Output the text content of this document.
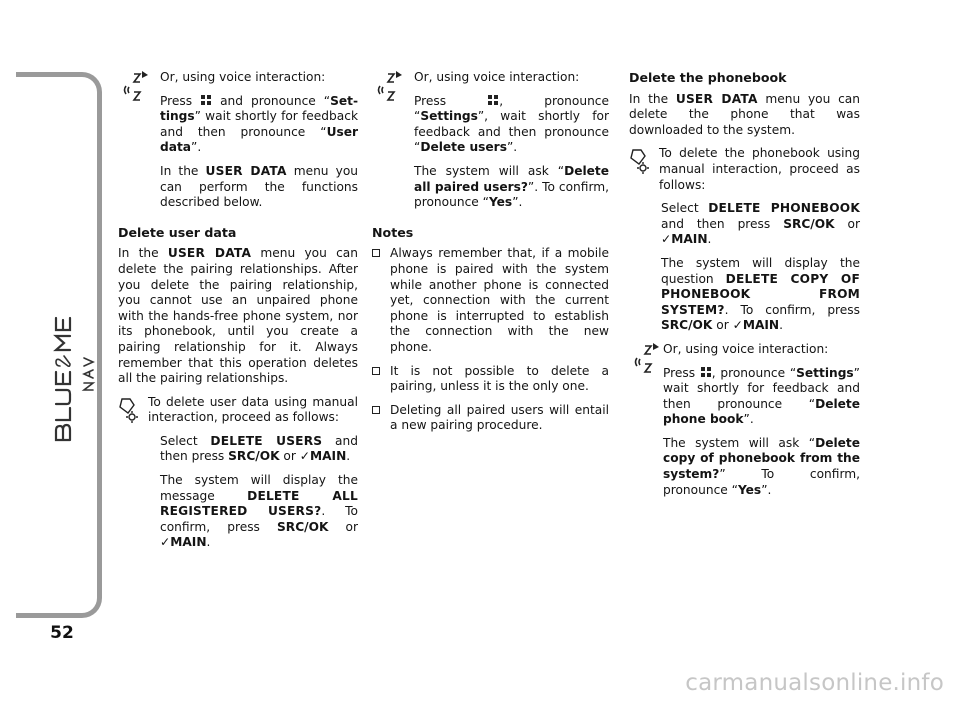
52

Or, using voice interaction:

Press and pronounce “Set-tings” wait shortly for feedback and then pronounce “User data”.

In the USER DATA menu you can perform the functions described below.

Delete user data

In the USER DATA menu you can delete the pairing relationships. After you delete the pairing relationship, you cannot use an unpaired phone with the hands-free phone system, nor its phonebook, until you create a pairing relationship for it. Always remember that this operation deletes all the pairing relationships.

To delete user data using manual interaction, proceed as follows:

Select DELETE USERS and then press SRC/OK or ✓MAIN.

The system will display the message DELETE ALL REGISTERED USERS?. To confirm, press SRC/OK or ✓MAIN.

Or, using voice interaction:

Press	, pronounce “Settings”, wait shortly for feedback and then pronounce “Delete users”.

The system will ask “Delete all paired users?”. To confirm, pronounce “Yes”.

Notes
Always remember that, if a mobile phone is paired with the system while another phone is connected yet, connection with the current phone is interrupted to establish the connection with the new phone.
It is not possible to delete a pairing, unless it is the only one.
Deleting all paired users will entail a new pairing procedure.
Delete the phonebook

In the USER DATA menu you can delete the phone that was downloaded to the system.

To delete the phonebook using manual interaction, proceed as follows:

Select DELETE PHONEBOOK and then press SRC/OK or ✓MAIN.

The system will display the question DELETE COPY OF PHONEBOOK FROM SYSTEM?. To confirm, press SRC/OK or ✓MAIN.

Or, using voice interaction:

Press , pronounce “Settings” wait shortly for feedback and then pronounce “Delete phone book”.

The system will ask “Delete copy of phonebook from the system?” To confirm, pronounce “Yes”.

carmanualsonline.info
